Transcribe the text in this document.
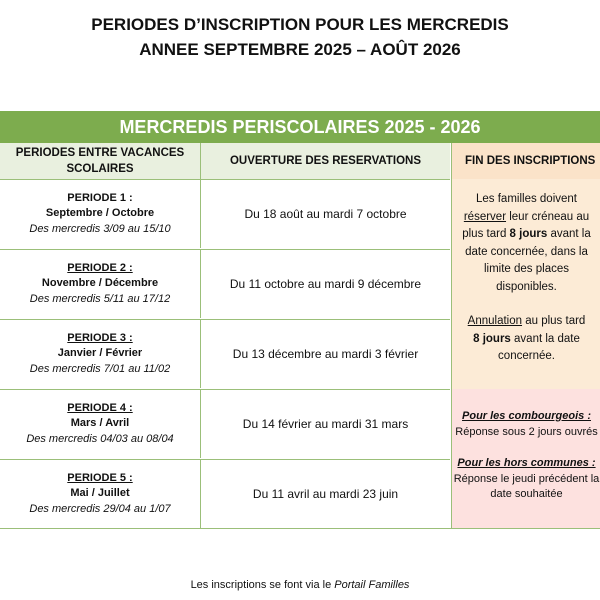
PERIODES D’INSCRIPTION POUR LES MERCREDIS
ANNEE SEPTEMBRE 2025 – AOÛT 2026
MERCREDIS PERISCOLAIRES 2025 - 2026
PERIODES ENTRE VACANCES SCOLAIRES
OUVERTURE DES RESERVATIONS	FIN DES INSCRIPTIONS
PERIODE 1 :
Septembre / Octobre
Des mercredis 3/09 au 15/10
Du 18 août au mardi 7 octobre
PERIODE 2 :
Novembre / Décembre
Des mercredis 5/11 au 17/12
Du 11 octobre au mardi 9 décembre
PERIODE 3 :
Janvier / Février
Des mercredis 7/01 au 11/02
Du 13 décembre au mardi 3 février
PERIODE 4 :
Mars / Avril
Des mercredis 04/03 au 08/04
Du 14 février au mardi 31 mars
PERIODE 5 :
Mai / Juillet
Des mercredis 29/04 au 1/07
Du 11 avril au mardi 23 juin
Les familles doivent
réserver leur créneau au
plus tard 8 jours avant la
date concernée, dans la
limite des places
disponibles.
Annulation au plus tard
8 jours avant la date
concernée.
Pour les combourgeois :
Réponse sous 2 jours ouvrés
Pour les hors communes :
Réponse le jeudi précédent la
date souhaitée
Les inscriptions se font via le Portail Familles
